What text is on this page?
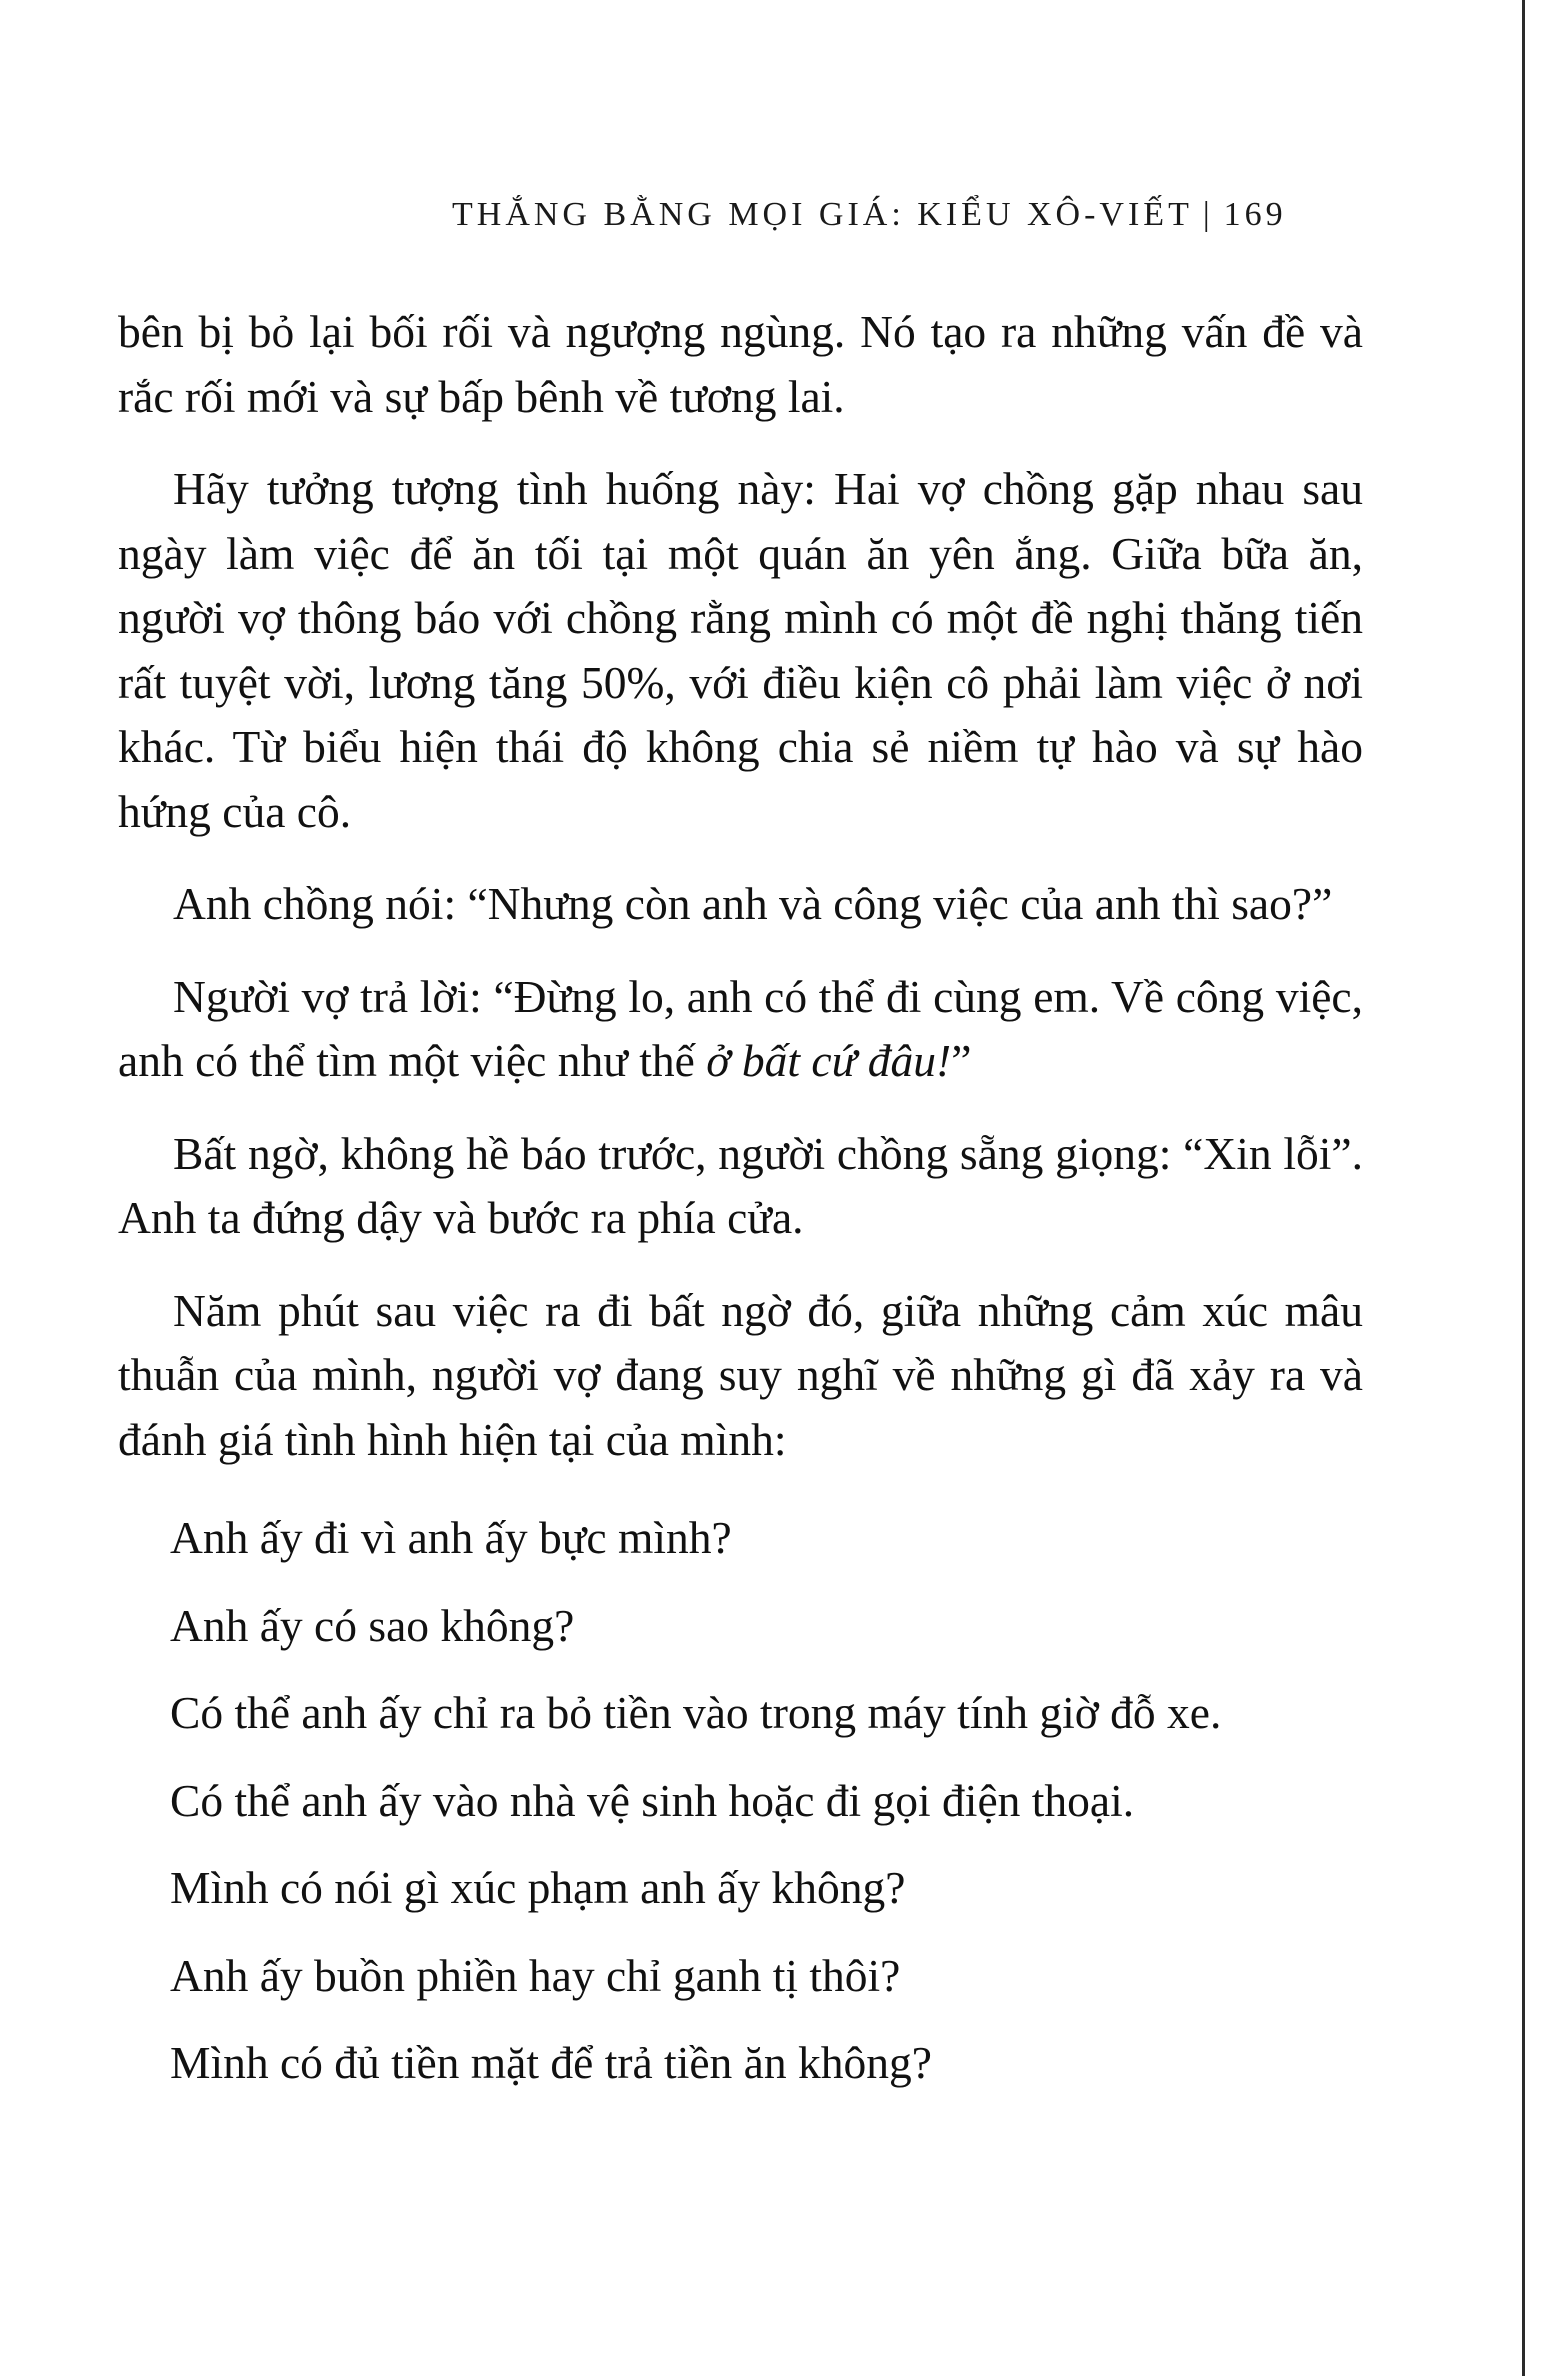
THẮNG BẰNG MỌI GIÁ: KIỂU XÔ-VIẾT | 169

bên bị bỏ lại bối rối và ngượng ngùng. Nó tạo ra những vấn đề và rắc rối mới và sự bấp bênh về tương lai.

Hãy tưởng tượng tình huống này: Hai vợ chồng gặp nhau sau ngày làm việc để ăn tối tại một quán ăn yên ắng. Giữa bữa ăn, người vợ thông báo với chồng rằng mình có một đề nghị thăng tiến rất tuyệt vời, lương tăng 50%, với điều kiện cô phải làm việc ở nơi khác. Từ biểu hiện thái độ không chia sẻ niềm tự hào và sự hào hứng của cô.

Anh chồng nói: “Nhưng còn anh và công việc của anh thì sao?”

Người vợ trả lời: “Đừng lo, anh có thể đi cùng em. Về công việc, anh có thể tìm một việc như thế ở bất cứ đâu!”

Bất ngờ, không hề báo trước, người chồng sẵng giọng: “Xin lỗi”. Anh ta đứng dậy và bước ra phía cửa.

Năm phút sau việc ra đi bất ngờ đó, giữa những cảm xúc mâu thuẫn của mình, người vợ đang suy nghĩ về những gì đã xảy ra và đánh giá tình hình hiện tại của mình:

Anh ấy đi vì anh ấy bực mình?
Anh ấy có sao không?
Có thể anh ấy chỉ ra bỏ tiền vào trong máy tính giờ đỗ xe.
Có thể anh ấy vào nhà vệ sinh hoặc đi gọi điện thoại.
Mình có nói gì xúc phạm anh ấy không?
Anh ấy buồn phiền hay chỉ ganh tị thôi?
Mình có đủ tiền mặt để trả tiền ăn không?
